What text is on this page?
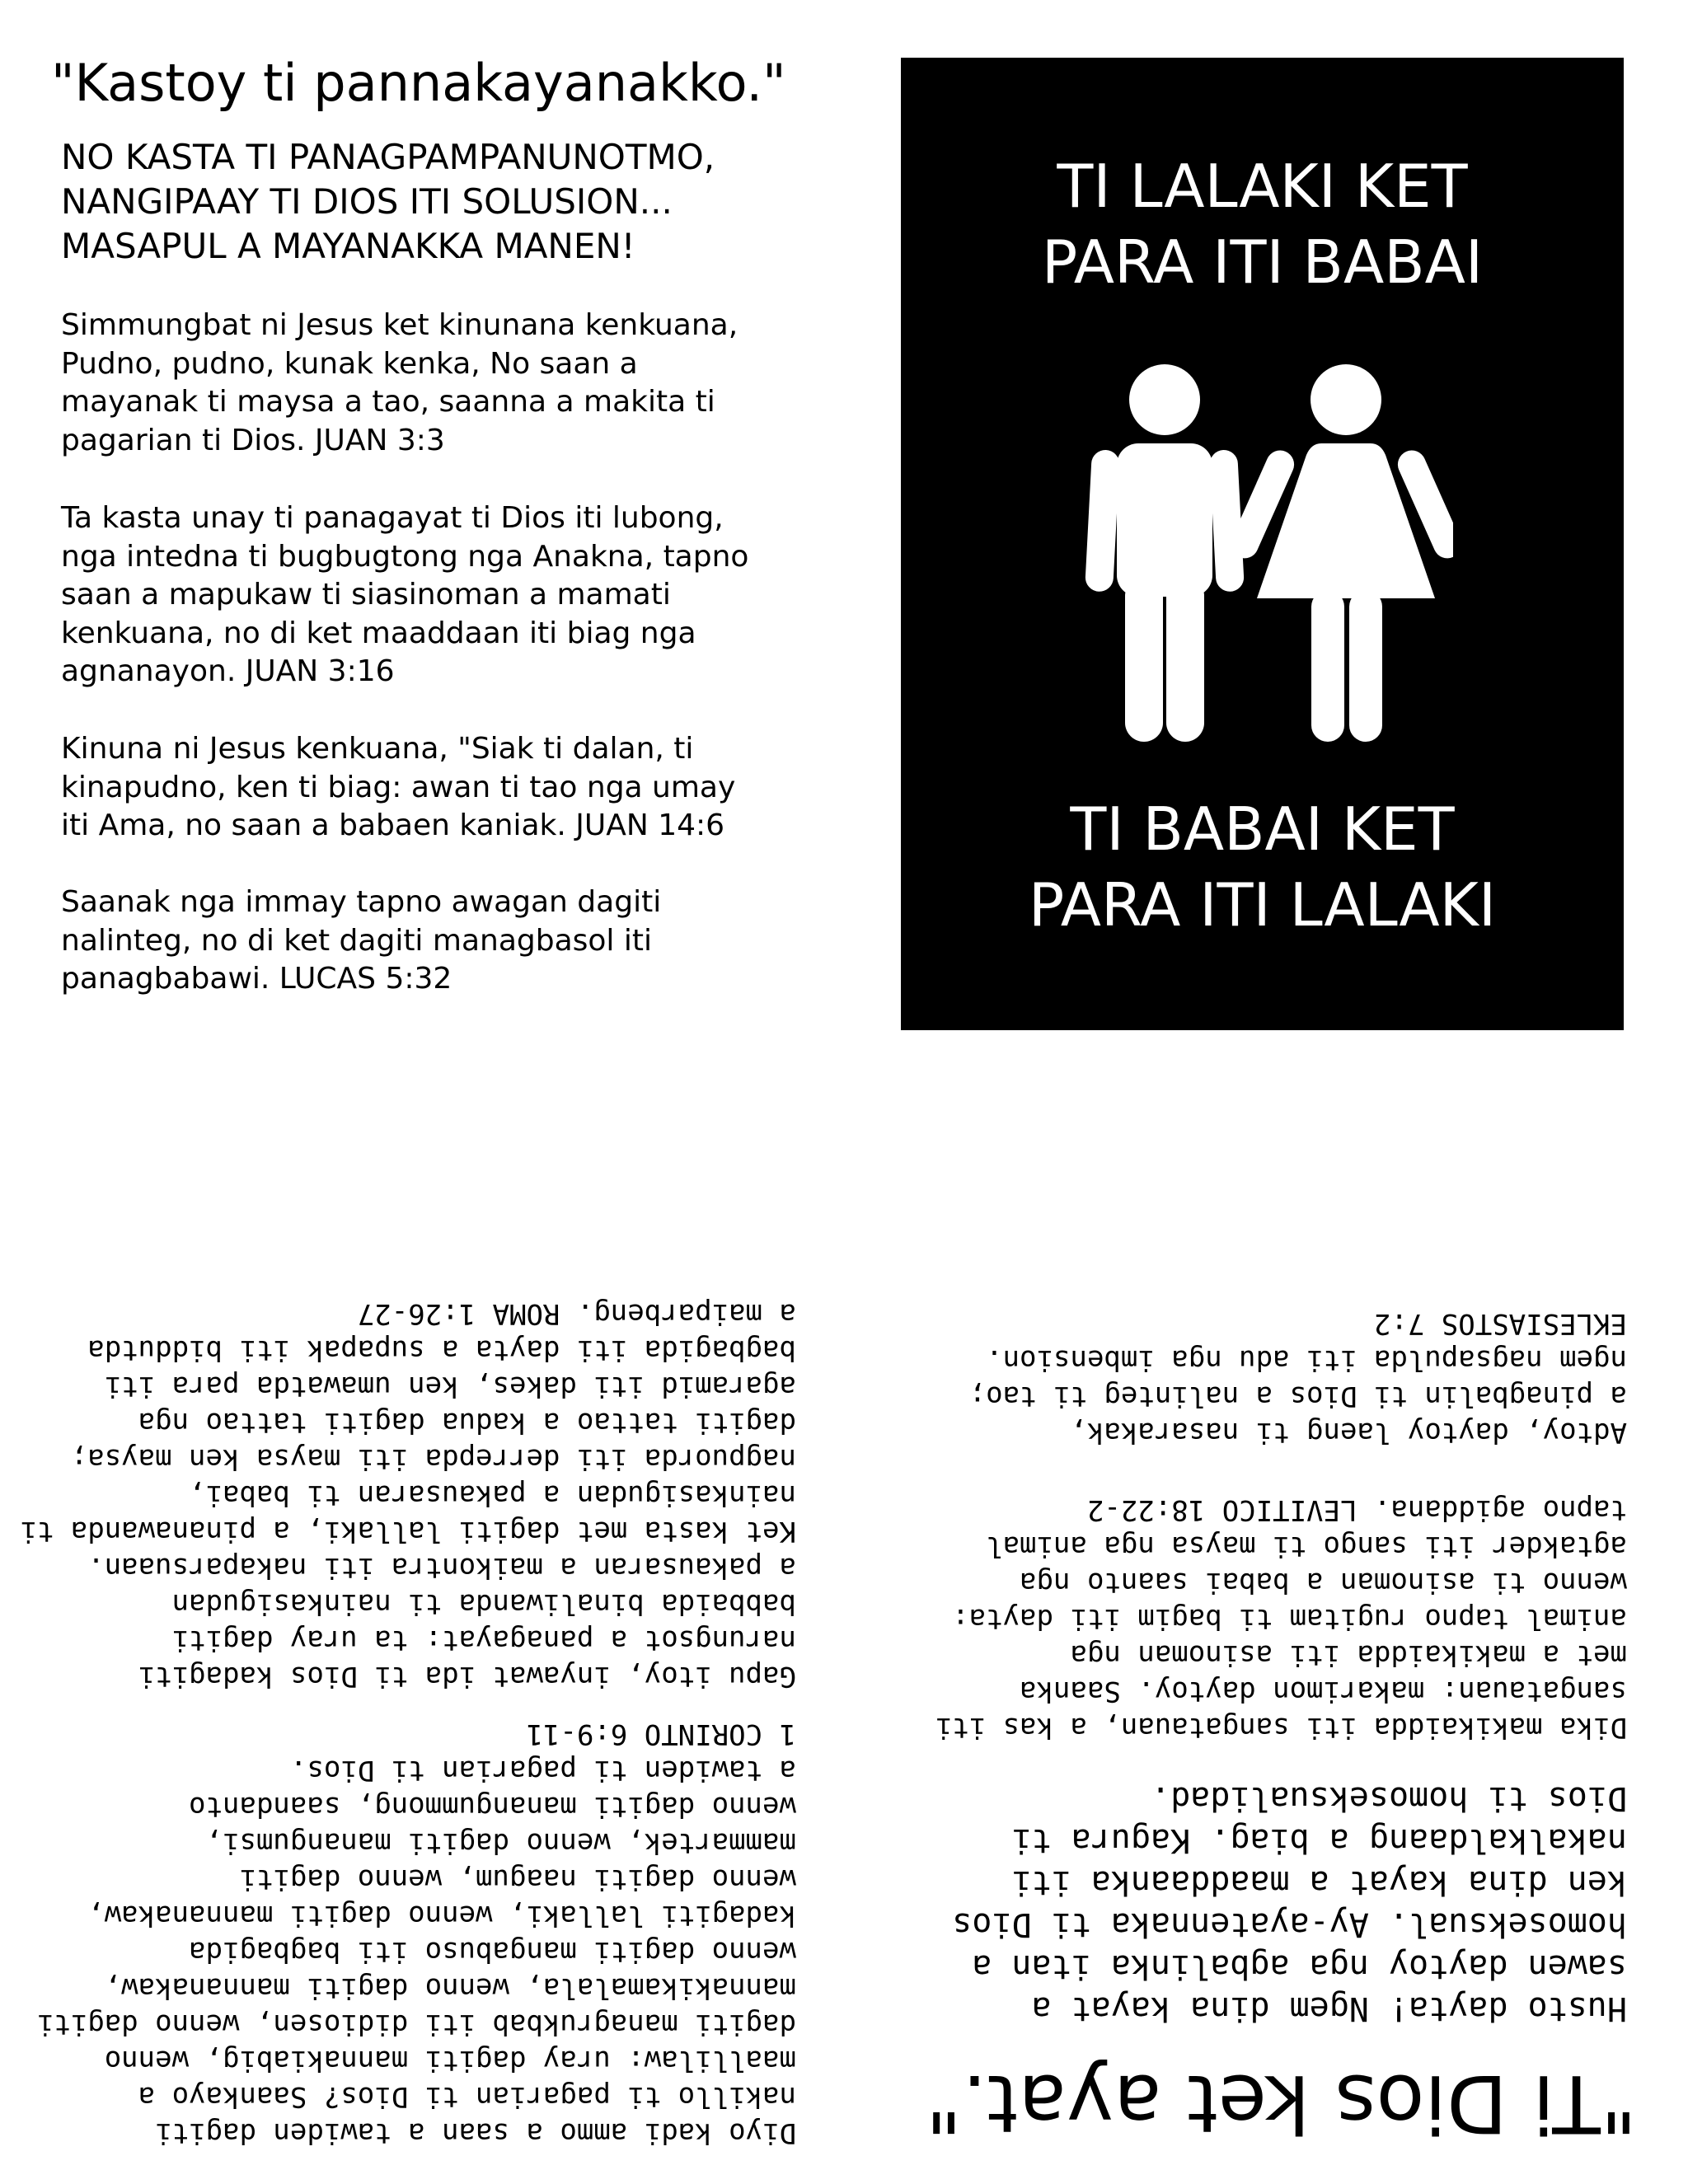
"Kastoy ti pannakayanakko."
NO KASTA TI PANAGPAMPANUNOTMO,
NANGIPAAY TI DIOS ITI SOLUSION...
MASAPUL A MAYANAKKA MANEN!
Simmungbat ni Jesus ket kinunana kenkuana,
Pudno, pudno, kunak kenka, No saan a
mayanak ti maysa a tao, saanna a makita ti
pagarian ti Dios. JUAN 3:3
Ta kasta unay ti panagayat ti Dios iti lubong,
nga intedna ti bugbugtong nga Anakna, tapno
saan a mapukaw ti siasinoman a mamati
kenkuana, no di ket maaddaan iti biag nga
agnanayon. JUAN 3:16
Kinuna ni Jesus kenkuana, "Siak ti dalan, ti
kinapudno, ken ti biag: awan ti tao nga umay
iti Ama, no saan a babaen kaniak. JUAN 14:6
Saanak nga immay tapno awagan dagiti
nalinteg, no di ket dagiti managbasol iti
panagbabawi. LUCAS 5:32
TI LALAKI KET
PARA ITI BABAI
TI BABAI KET
PARA ITI LALAKI
"Ti Dios ket ayat."
Husto dayta! Ngem dina kayat a
sawen daytoy nga agbalinka itan a
homoseksual. Ay-ayatennaka ti Dios
ken dina kayat a maaddaanka iti
nakalkaldaang a biag. Kagura ti
Dios ti homoseksualidad.
Dika makikaidda iti sangatauan, a kas iti
sangatauan: makarimon daytoy. Saanka
met a makikaidda iti asinoman nga
animal tapno rugitam ti bagim iti dayta:
wenno ti asinoman a babai saanto nga
agtakder iti sango ti maysa nga animal
tapno agiddana. LEVITICO 18:22-2
Adtoy, daytoy laeng ti nasarakak,
a pinagbalin ti Dios a nalinteg ti tao;
ngem nagsapulda iti adu nga imbension.
EKLESIASTOS 7:2
Diyo kadi ammo a saan a tawiden dagiti
nakillo ti pagarian ti Dios? Saankayo a
maallilaw: uray dagiti mannakiabig, wenno
dagiti managrukbab iti didiosen, wenno dagiti
mannakikamalala, wenno dagiti mannanakaw,
wenno dagiti mangabuso iti bagbagida
kadagiti lallaki, wenno dagiti mannanakaw,
wenno dagiti naagum, wenno dagiti
mammartek, wenno dagiti manangumsi,
wenno dagiti manangummong, saandanto
a tawiden ti pagarian ti Dios.
1 CORINTO 6:9-11
Gapu itoy, inyawat ida ti Dios kadagiti
narungsot a panagayat: ta uray dagiti
babbaida binaliwanda ti nainkasigudan
a pakausaran a maikontra iti nakaparsuaan.
Ket kasta met dagiti lallaki, a pinanawanda ti
nainkasigudan a pakausaran ti babai,
nagpuorda iti derrepda iti maysa ken maysa;
dagiti tattao a kadua dagiti tattao nga
agaramid iti dakes, ken umawatda para iti
bagbagida iti dayta a supapak iti biddutda
a maiparbeng. ROMA 1:26-27
